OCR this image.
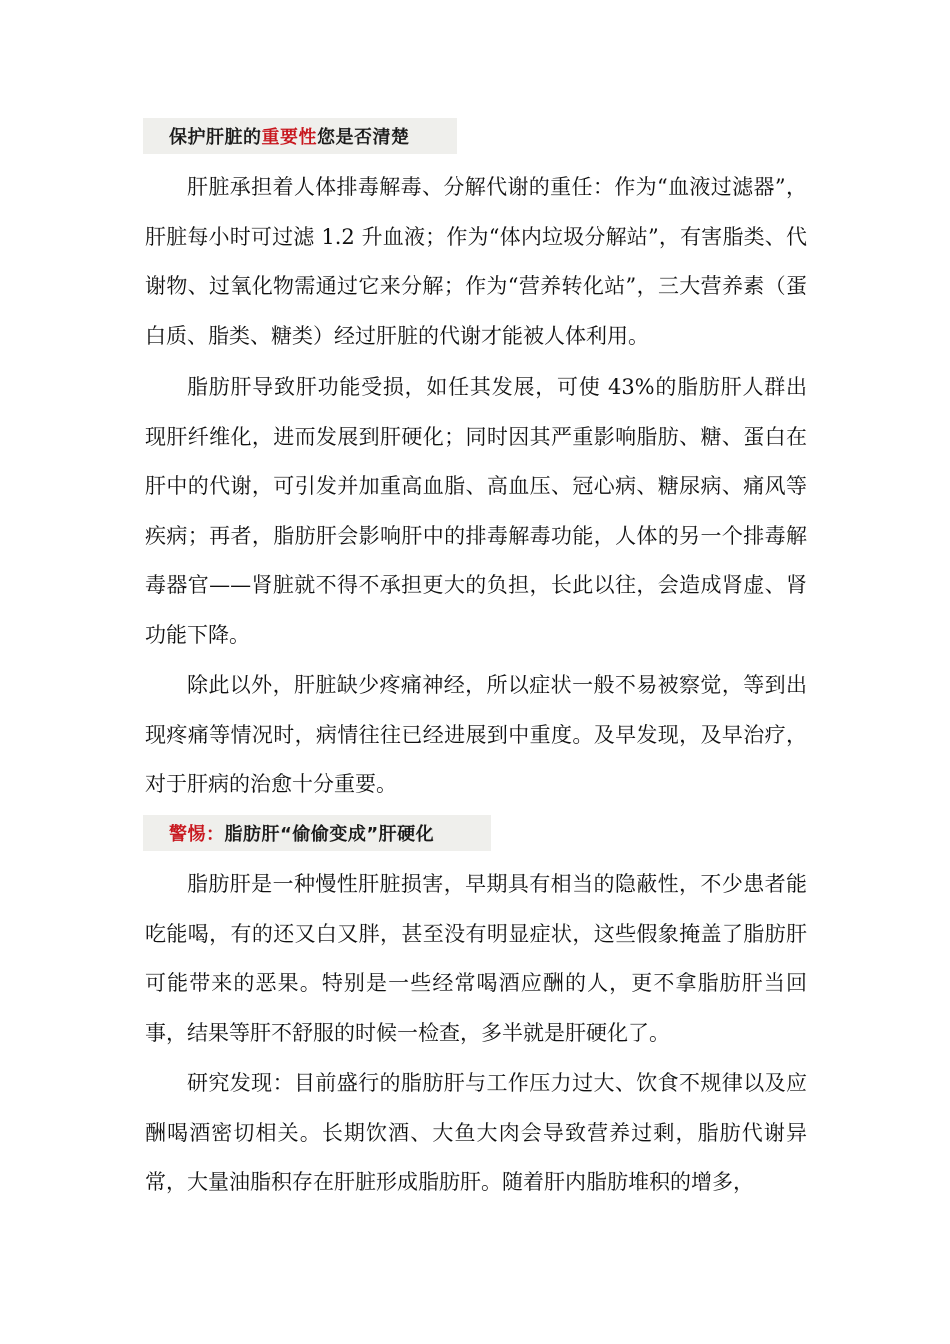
保护肝脏的 重要性 您是否清楚

肝脏承担着人体排毒解毒、分解代谢的重任：作为“血液过滤器”，肝脏每小时可过滤 1.2 升血液；作为“体内垃圾分解站”，有害脂类、代谢物、过氧化物需通过它来分解；作为“营养转化站”，三大营养素（蛋白质、脂类、糖类）经过肝脏的代谢才能被人体利用。

脂肪肝导致肝功能受损，如任其发展，可使 43%的脂肪肝人群出现肝纤维化，进而发展到肝硬化；同时因其严重影响脂肪、糖、蛋白在肝中的代谢，可引发并加重高血脂、高血压、冠心病、糖尿病、痛风等疾病；再者，脂肪肝会影响肝中的排毒解毒功能，人体的另一个排毒解毒器官——肾脏就不得不承担更大的负担，长此以往，会造成肾虚、肾功能下降。

除此以外，肝脏缺少疼痛神经，所以症状一般不易被察觉，等到出现疼痛等情况时，病情往往已经进展到中重度。及早发现，及早治疗，对于肝病的治愈十分重要。

警惕： 脂肪肝“偷偷变成”肝硬化

脂肪肝是一种慢性肝脏损害，早期具有相当的隐蔽性，不少患者能吃能喝，有的还又白又胖，甚至没有明显症状，这些假象掩盖了脂肪肝可能带来的恶果。特别是一些经常喝酒应酬的人，更不拿脂肪肝当回事，结果等肝不舒服的时候一检查，多半就是肝硬化了。

研究发现：目前盛行的脂肪肝与工作压力过大、饮食不规律以及应酬喝酒密切相关。长期饮酒、大鱼大肉会导致营养过剩，脂肪代谢异常，大量油脂积存在肝脏形成脂肪肝。随着肝内脂肪堆积的增多，
